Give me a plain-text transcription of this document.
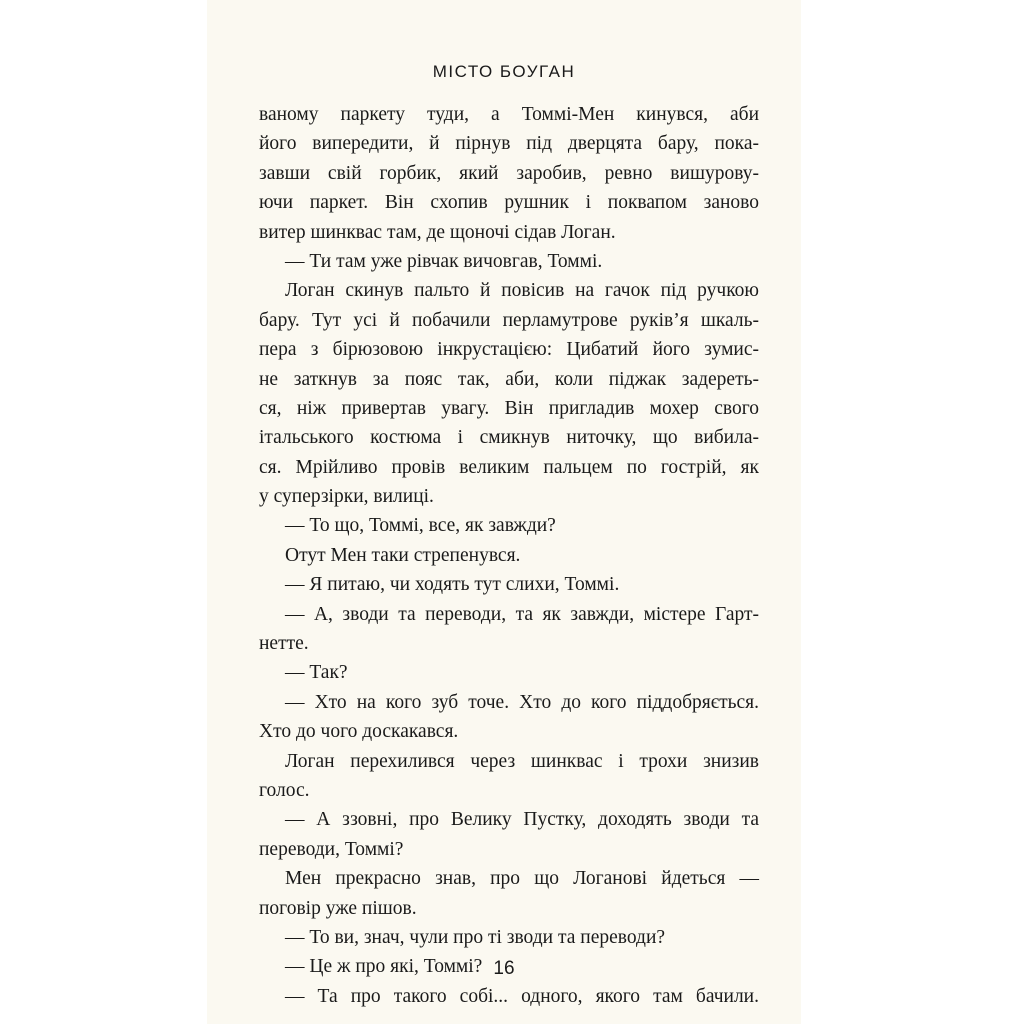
МІСТО БОУГАН
ваному паркету туди, а Томмі-Мен кинувся, аби
його випередити, й пірнув під дверцята бару, пока-
завши свій горбик, який заробив, ревно вишурову-
ючи паркет. Він схопив рушник і поквапом заново
витер шинквас там, де щоночі сідав Логан.
— Ти там уже рівчак вичовгав, Томмі.
Логан скинув пальто й повісив на гачок під ручкою
бару. Тут усі й побачили перламутрове руків’я шкаль-
пера з бірюзовою інкрустацією: Цибатий його зумис-
не заткнув за пояс так, аби, коли піджак задереть-
ся, ніж привертав увагу. Він пригладив мохер свого
італьського костюма і смикнув ниточку, що вибила-
ся. Мрійливо провів великим пальцем по гострій, як
у суперзірки, вилиці.
— То що, Томмі, все, як завжди?
Отут Мен таки стрепенувся.
— Я питаю, чи ходять тут слихи, Томмі.
— А, зводи та переводи, та як завжди, містере Гарт-
нетте.
— Так?
— Хто на кого зуб точе. Хто до кого піддобряється.
Хто до чого доскакався.
Логан перехилився через шинквас і трохи знизив
голос.
— А ззовні, про Велику Пустку, доходять зводи та
переводи, Томмі?
Мен прекрасно знав, про що Логанові йдеться —
поговір уже пішов.
— То ви, знач, чули про ті зводи та переводи?
— Це ж про які, Томмі?
— Та про такого собі... одного, якого там бачили.
16
